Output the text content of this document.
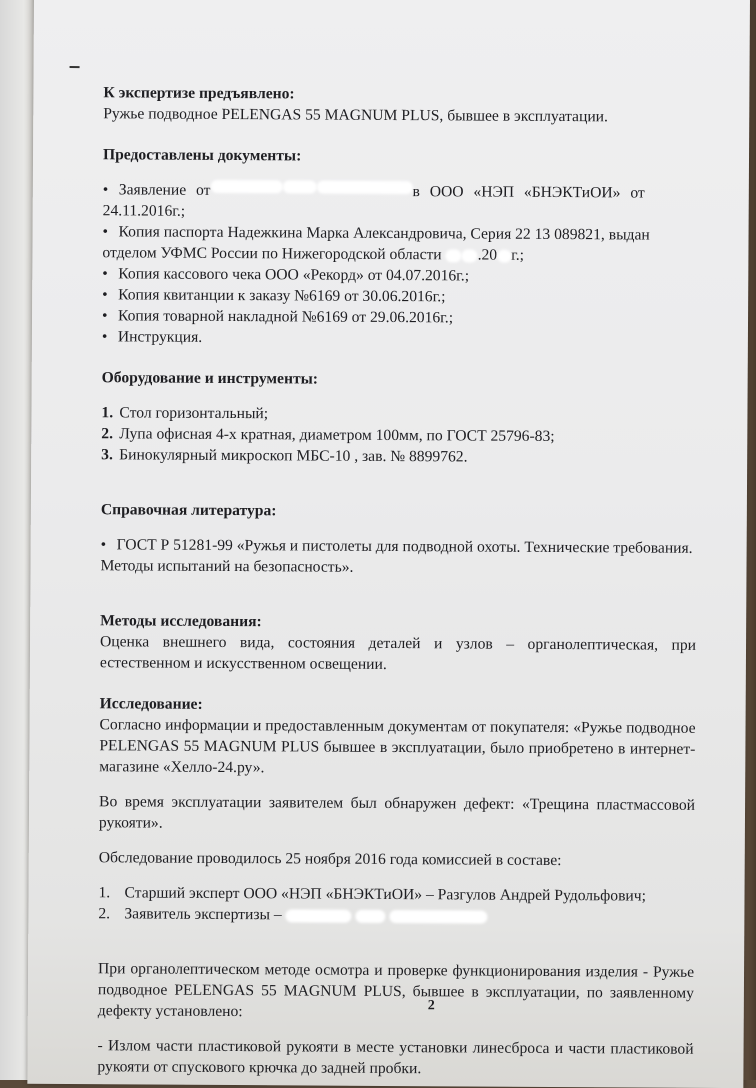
К экспертизе предъявлено:

Ружье подводное PELENGAS 55 MAGNUM PLUS, бывшее в эксплуатации.

Предоставлены документы:

• Заявление от	в ООО «НЭП «БНЭКТиОИ» от
24.11.2016г.;
• Копия паспорта Надежкина Марка Александровича, Серия 22 13 089821, выдан
отделом УФМС России по Нижегородской области .20 г.;
• Копия кассового чека ООО «Рекорд» от 04.07.2016г.;
• Копия квитанции к заказу №6169 от 30.06.2016г.;
• Копия товарной накладной №6169 от 29.06.2016г.;
• Инструкция.

Оборудование и инструменты:

1. Стол горизонтальный;
2. Лупа офисная 4-х кратная, диаметром 100мм, по ГОСТ 25796-83;
3. Бинокулярный микроскоп МБС-10 , зав. № 8899762.

Справочная литература:

• ГОСТ Р 51281-99 «Ружья и пистолеты для подводной охоты. Технические требования.
Методы испытаний на безопасность».

Методы исследования:

Оценка внешнего вида, состояния деталей и узлов – органолептическая, при естественном и искусственном освещении.

Исследование:

Согласно информации и предоставленным документам от покупателя: «Ружье подводное PELENGAS 55 MAGNUM PLUS бывшее в эксплуатации, было приобретено в интернет-магазине «Хелло-24.ру».

Во время эксплуатации заявителем был обнаружен дефект: «Трещина пластмассовой рукояти».

Обследование проводилось 25 ноября 2016 года комиссией в составе:

1. Старший эксперт ООО «НЭП «БНЭКТиОИ» – Разгулов Андрей Рудольфович;
2. Заявитель экспертизы –

При органолептическом методе осмотра и проверке функционирования изделия - Ружье подводное PELENGAS 55 MAGNUM PLUS, бывшее в эксплуатации, по заявленному дефекту установлено:

- Излом части пластиковой рукояти в месте установки линесброса и части пластиковой рукояти от спускового крючка до задней пробки.

2
